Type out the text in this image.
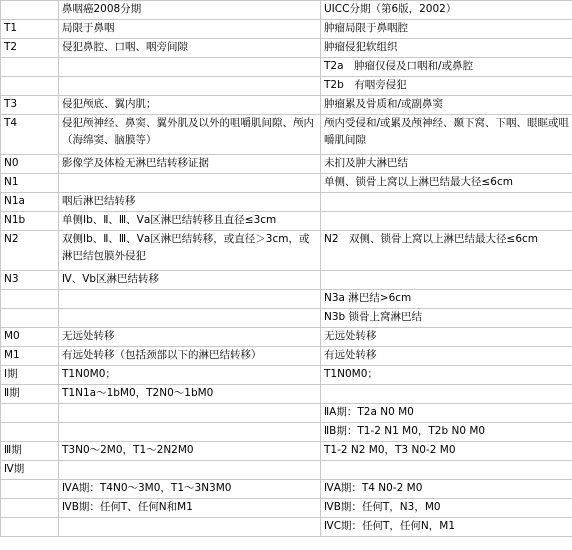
	鼻咽癌2008分期	UICC分期（第6版，2002）
T1	局限于鼻咽	肿瘤局限于鼻咽腔
T2	侵犯鼻腔、口咽、咽旁间隙	肿瘤侵犯软组织
		T2a　肿瘤仅侵及口咽和/或鼻腔
		T2b　有咽旁侵犯
T3	侵犯颅底、翼内肌；	肿瘤累及骨质和/或副鼻窦
T4	侵犯颅神经、鼻窦、翼外肌及以外的咀嚼肌间隙、颅内（海绵窦、脑膜等）	颅内受侵和/或累及颅神经、颞下窝、下咽、眼眶或咀嚼肌间隙
N0	影像学及体检无淋巴结转移证据	未扪及肿大淋巴结
N1		单侧、锁骨上窝以上淋巴结最大径≤6cm
N1a	咽后淋巴结转移	
N1b	单侧Ⅰb、Ⅱ、Ⅲ、Ⅴa区淋巴结转移且直径≤3cm	
N2	双侧Ⅰb、Ⅱ、Ⅲ、Ⅴa区淋巴结转移，或直径＞3cm，或淋巴结包膜外侵犯	N2　双侧、锁骨上窝以上淋巴结最大径≤6cm
N3	Ⅳ、Ⅴb区淋巴结转移	
		N3a 淋巴结>6cm
		N3b 锁骨上窝淋巴结
M0	无远处转移	无远处转移
M1	有远处转移（包括颈部以下的淋巴结转移）	有远处转移
Ⅰ期	T1N0M0；	T1N0M0；
Ⅱ期	T1N1a～1bM0，T2N0～1bM0	
		ⅡA期：T2a N0 M0
		ⅡB期：T1-2 N1 M0，T2b N0 M0
Ⅲ期	T3N0～2M0，T1～2N2M0	T1-2 N2 M0，T3 N0-2 M0
Ⅳ期		
	ⅣA期：T4N0～3M0，T1～3N3M0	ⅣA期：T4 N0-2 M0
	ⅣB期：任何T、任何N和M1	ⅣB期：任何T，N3，M0
		ⅣC期：任何T，任何N，M1
